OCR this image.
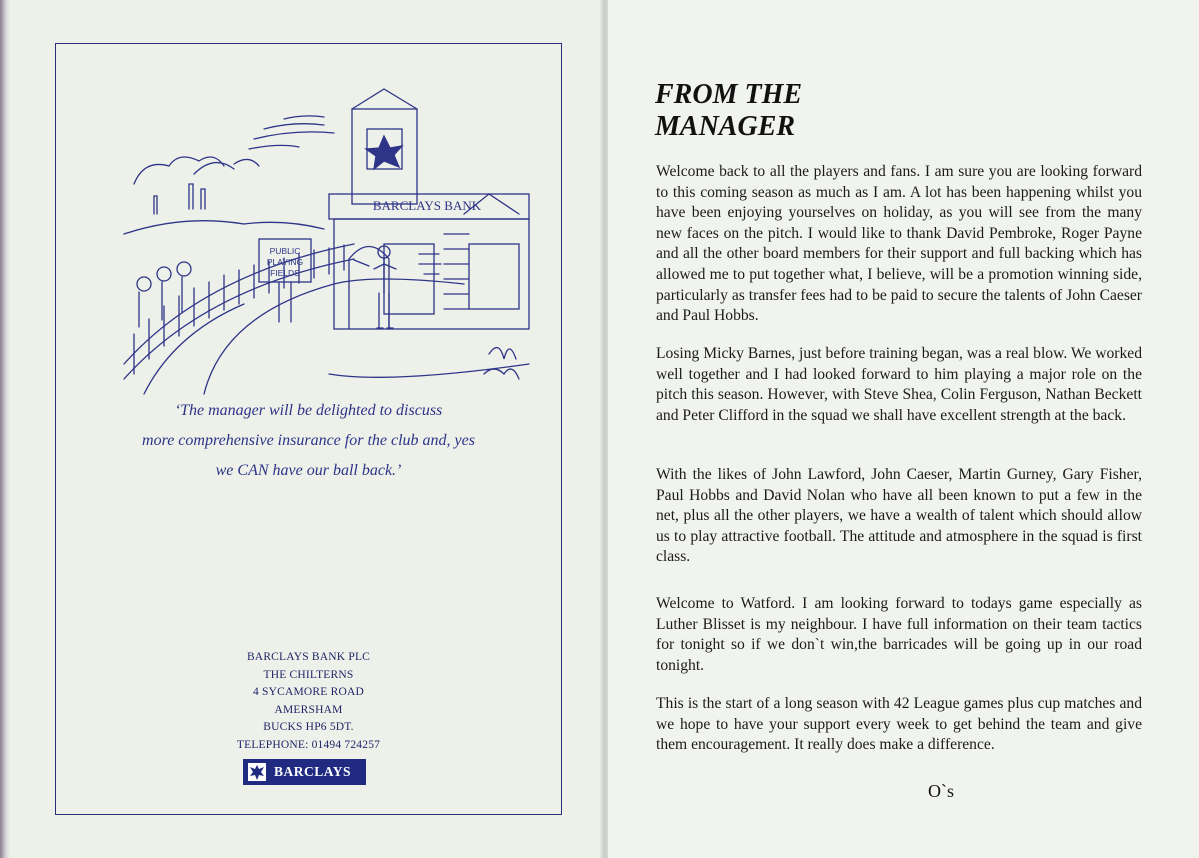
BARCLAYS BANK
PUBLIC
PLAYING
FIELDS
‘The manager will be delighted to discuss
more comprehensive insurance for the club and, yes
we CAN have our ball back.’
BARCLAYS BANK PLC
THE CHILTERNS
4 SYCAMORE ROAD
AMERSHAM
BUCKS HP6 5DT.
TELEPHONE: 01494 724257
BARCLAYS
FROM THE
MANAGER

Welcome back to all the players and fans. I am sure you are looking forward to this coming season as much as I am. A lot has been happening whilst you have been enjoying yourselves on holiday, as you will see from the many new faces on the pitch. I would like to thank David Pembroke, Roger Payne and all the other board members for their support and full backing which has allowed me to put together what, I believe, will be a promotion winning side, particularly as transfer fees had to be paid to secure the talents of John Caeser and Paul Hobbs.

Losing Micky Barnes, just before training began, was a real blow. We worked well together and I had looked forward to him playing a major role on the pitch this season. However, with Steve Shea, Colin Ferguson, Nathan Beckett and Peter Clifford in the squad we shall have excellent strength at the back.

With the likes of John Lawford, John Caeser, Martin Gurney, Gary Fisher, Paul Hobbs and David Nolan who have all been known to put a few in the net, plus all the other players, we have a wealth of talent which should allow us to play attractive football. The attitude and atmosphere in the squad is first class.

Welcome to Watford. I am looking forward to todays game especially as Luther Blisset is my neighbour. I have full information on their team tactics for tonight so if we don`t win,the barricades will be going up in our road tonight.

This is the start of a long season with 42 League games plus cup matches and we hope to have your support every week to get behind the team and give them encouragement. It really does make a difference.

O`s
